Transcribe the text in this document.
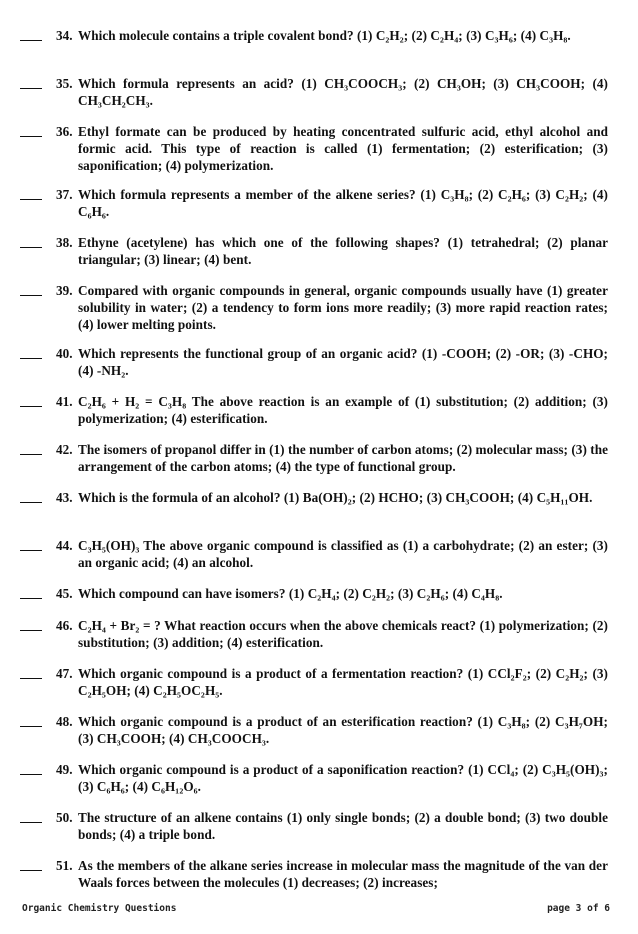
34. Which molecule contains a triple covalent bond? (1) C₂H₂; (2) C₂H₄; (3) C₃H₆; (4) C₃H₈.
35. Which formula represents an acid? (1) CH₃COOCH₃; (2) CH₃OH; (3) CH₃COOH; (4) CH₃CH₂CH₃.
36. Ethyl formate can be produced by heating concentrated sulfuric acid, ethyl alcohol and formic acid. This type of reaction is called (1) fermentation; (2) esterification; (3) saponification; (4) polymerization.
37. Which formula represents a member of the alkene series? (1) C₃H₈; (2) C₂H₆; (3) C₂H₂; (4) C₆H₆.
38. Ethyne (acetylene) has which one of the following shapes? (1) tetrahedral; (2) planar triangular; (3) linear; (4) bent.
39. Compared with organic compounds in general, organic compounds usually have (1) greater solubility in water; (2) a tendency to form ions more readily; (3) more rapid reaction rates; (4) lower melting points.
40. Which represents the functional group of an organic acid? (1) -COOH; (2) -OR; (3) -CHO; (4) -NH₂.
41. C₂H₆ + H₂ = C₃H₈ The above reaction is an example of (1) substitution; (2) addition; (3) polymerization; (4) esterification.
42. The isomers of propanol differ in (1) the number of carbon atoms; (2) molecular mass; (3) the arrangement of the carbon atoms; (4) the type of functional group.
43. Which is the formula of an alcohol? (1) Ba(OH)₂; (2) HCHO; (3) CH₃COOH; (4) C₅H₁₁OH.
44. C₃H₅(OH)₃ The above organic compound is classified as (1) a carbohydrate; (2) an ester; (3) an organic acid; (4) an alcohol.
45. Which compound can have isomers? (1) C₂H₄; (2) C₂H₂; (3) C₂H₆; (4) C₄H₈.
46. C₂H₄ + Br₂ = ? What reaction occurs when the above chemicals react? (1) polymerization; (2) substitution; (3) addition; (4) esterification.
47. Which organic compound is a product of a fermentation reaction? (1) CCl₂F₂; (2) C₂H₂; (3) C₂H₅OH; (4) C₂H₅OC₂H₅.
48. Which organic compound is a product of an esterification reaction? (1) C₃H₈; (2) C₃H₇OH; (3) CH₃COOH; (4) CH₃COOCH₃.
49. Which organic compound is a product of a saponification reaction? (1) CCl₄; (2) C₃H₅(OH)₃; (3) C₆H₆; (4) C₆H₁₂O₆.
50. The structure of an alkene contains (1) only single bonds; (2) a double bond; (3) two double bonds; (4) a triple bond.
51. As the members of the alkane series increase in molecular mass the magnitude of the van der Waals forces between the molecules (1) decreases; (2) increases;
Organic Chemistry Questions	page 3 of 6
